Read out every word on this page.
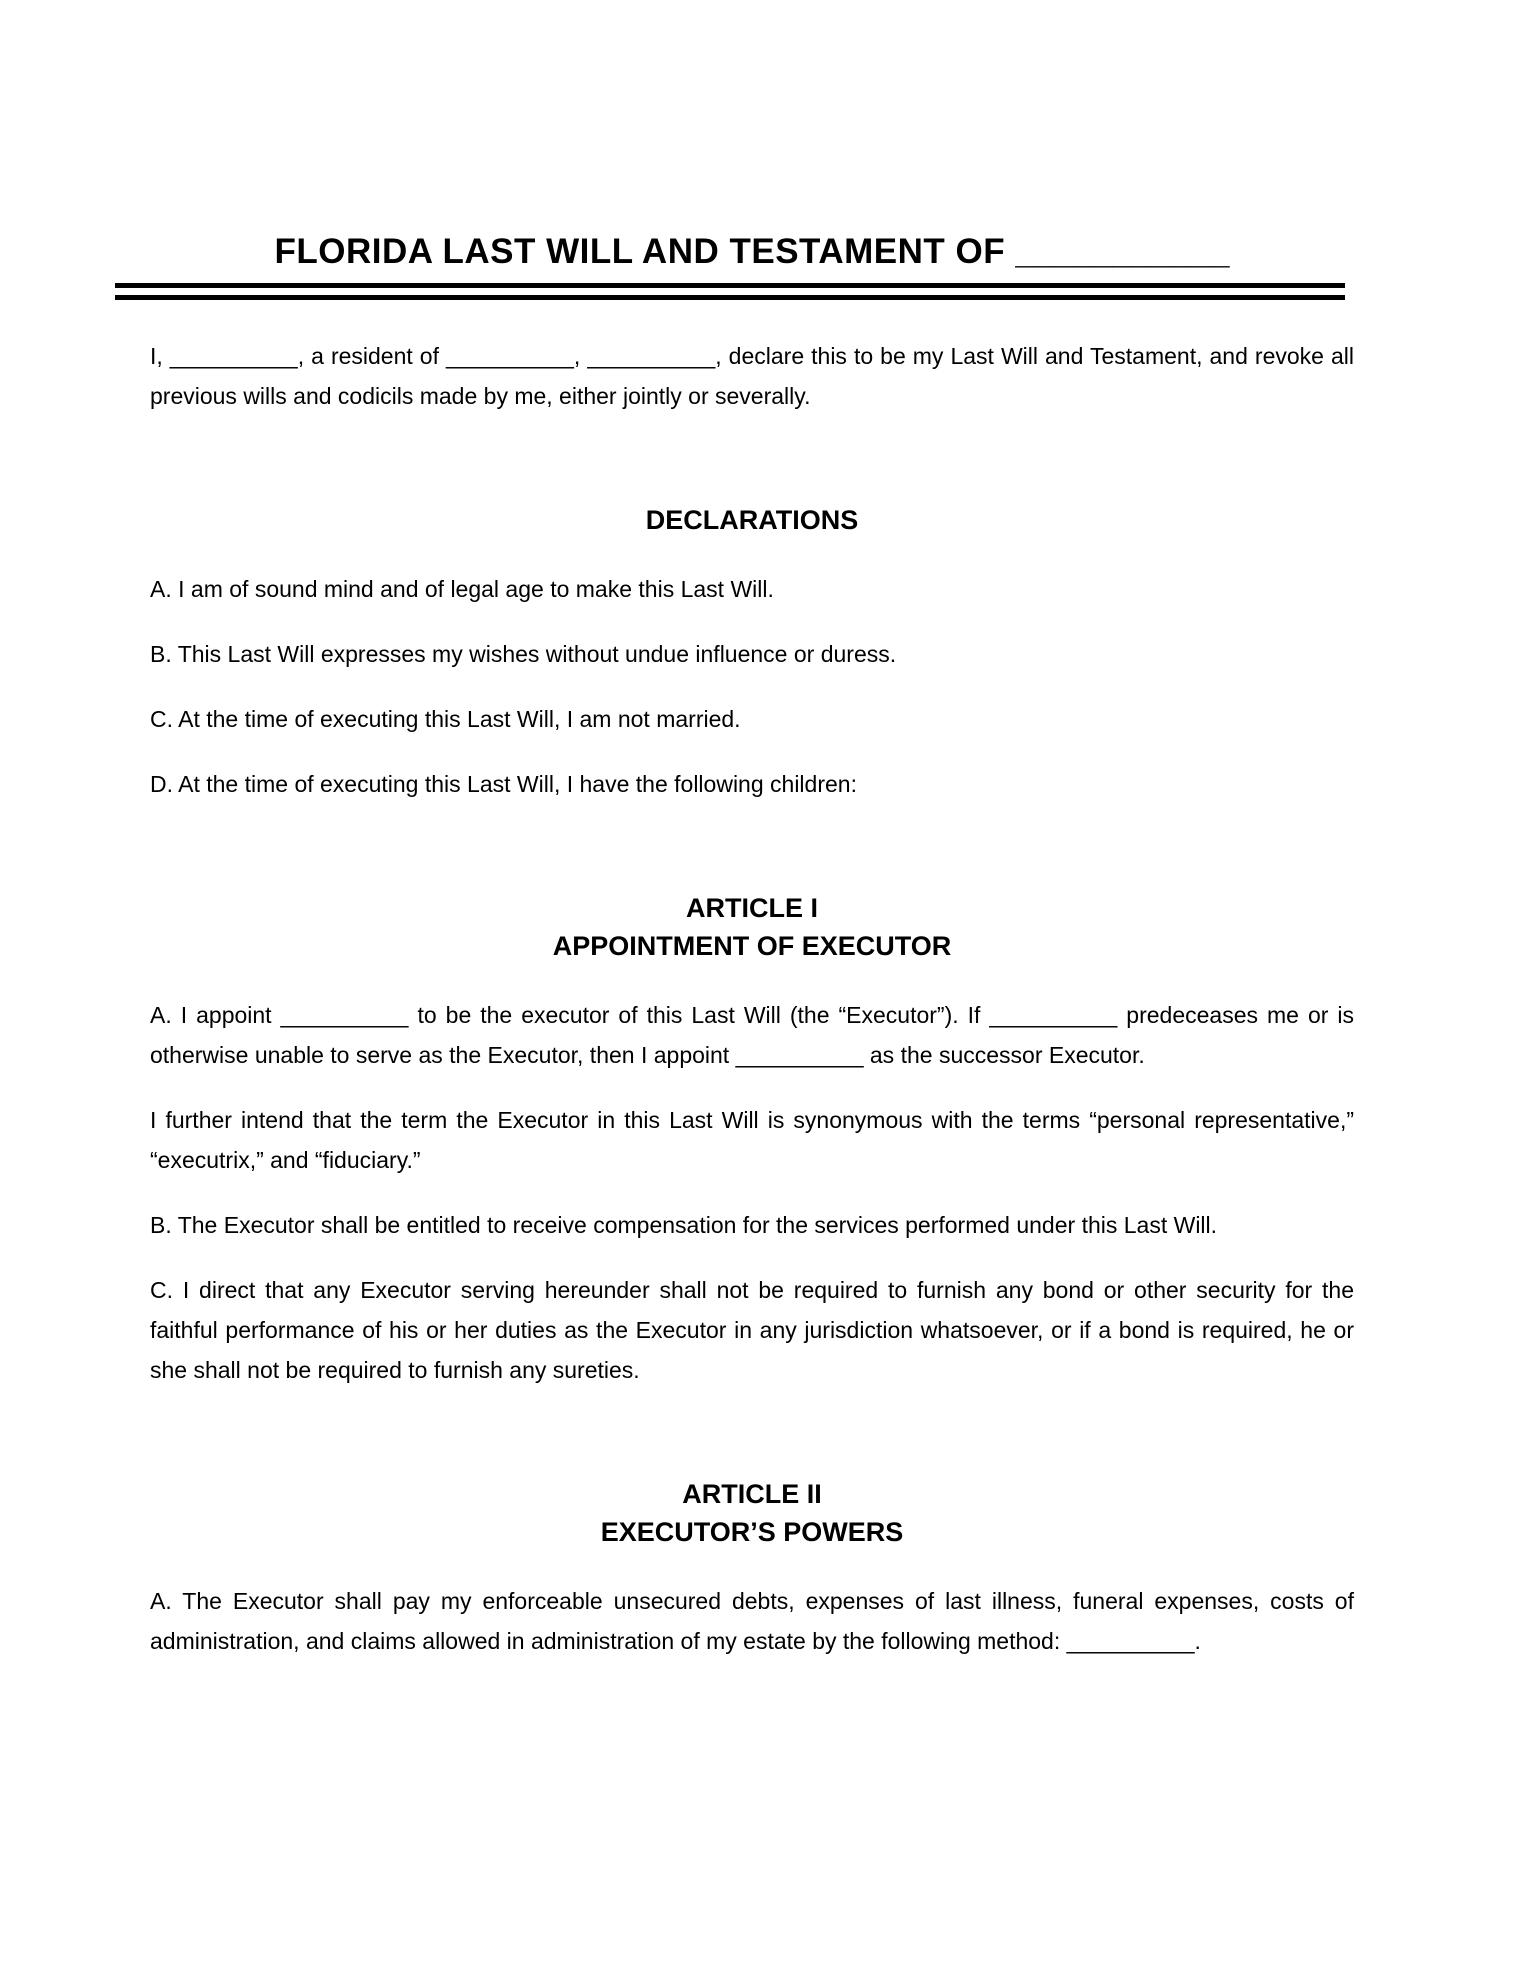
FLORIDA LAST WILL AND TESTAMENT OF ___________

I, __________, a resident of __________, __________, declare this to be my Last Will and Testament, and revoke all previous wills and codicils made by me, either jointly or severally.

DECLARATIONS

A. I am of sound mind and of legal age to make this Last Will.

B. This Last Will expresses my wishes without undue influence or duress.

C. At the time of executing this Last Will, I am not married.

D. At the time of executing this Last Will, I have the following children:

ARTICLE I
APPOINTMENT OF EXECUTOR

A. I appoint __________ to be the executor of this Last Will (the “Executor”). If __________ predeceases me or is otherwise unable to serve as the Executor, then I appoint __________ as the successor Executor.

I further intend that the term the Executor in this Last Will is synonymous with the terms “personal representative,” “executrix,” and “fiduciary.”

B. The Executor shall be entitled to receive compensation for the services performed under this Last Will.

C. I direct that any Executor serving hereunder shall not be required to furnish any bond or other security for the faithful performance of his or her duties as the Executor in any jurisdiction whatsoever, or if a bond is required, he or she shall not be required to furnish any sureties.

ARTICLE II
EXECUTOR’S POWERS

A. The Executor shall pay my enforceable unsecured debts, expenses of last illness, funeral expenses, costs of administration, and claims allowed in administration of my estate by the following method: __________.
